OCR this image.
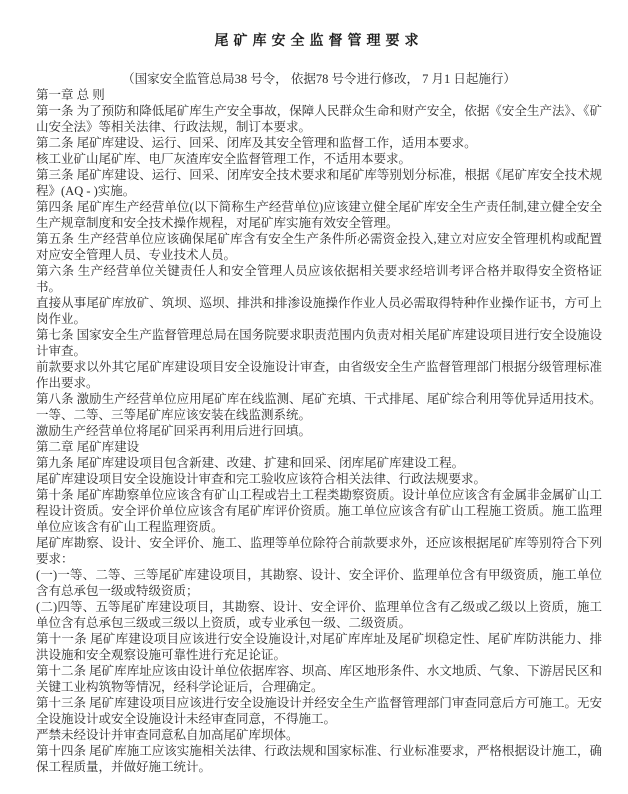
尾矿库安全监督管理要求

（国家安全监管总局38 号令， 依据78 号令进行修改， 7 月1 日起施行）

第一章 总 则

第一条 为了预防和降低尾矿库生产安全事故，保障人民群众生命和财产安全，依据《安全生产法》、《矿山安全法》等相关法律、行政法规，制订本要求。

第二条 尾矿库建设、运行、回采、闭库及其安全管理和监督工作，适用本要求。

核工业矿山尾矿库、电厂灰渣库安全监督管理工作，不适用本要求。

第三条 尾矿库建设、运行、回采、闭库安全技术要求和尾矿库等别划分标准，根据《尾矿库安全技术规程》(AQ - )实施。

第四条 尾矿库生产经营单位(以下简称生产经营单位)应该建立健全尾矿库安全生产责任制,建立健全安全生产规章制度和安全技术操作规程，对尾矿库实施有效安全管理。

第五条 生产经营单位应该确保尾矿库含有安全生产条件所必需资金投入,建立对应安全管理机构或配置对应安全管理人员、专业技术人员。

第六条 生产经营单位关键责任人和安全管理人员应该依据相关要求经培训考评合格并取得安全资格证书。

直接从事尾矿库放矿、筑坝、巡坝、排洪和排渗设施操作作业人员必需取得特种作业操作证书，方可上岗作业。

第七条 国家安全生产监督管理总局在国务院要求职责范围内负责对相关尾矿库建设项目进行安全设施设计审查。

前款要求以外其它尾矿库建设项目安全设施设计审查，由省级安全生产监督管理部门根据分级管理标准作出要求。

第八条 激励生产经营单位应用尾矿库在线监测、尾矿充填、干式排尾、尾矿综合利用等优异适用技术。

一等、二等、三等尾矿库应该安装在线监测系统。

激励生产经营单位将尾矿回采再利用后进行回填。

第二章 尾矿库建设

第九条 尾矿库建设项目包含新建、改建、扩建和回采、闭库尾矿库建设工程。

尾矿库建设项目安全设施设计审查和完工验收应该符合相关法律、行政法规要求。

第十条 尾矿库勘察单位应该含有矿山工程或岩土工程类勘察资质。设计单位应该含有金属非金属矿山工程设计资质。安全评价单位应该含有尾矿库评价资质。施工单位应该含有矿山工程施工资质。施工监理单位应该含有矿山工程监理资质。

尾矿库勘察、设计、安全评价、施工、监理等单位除符合前款要求外，还应该根据尾矿库等别符合下列要求：

(一)一等、二等、三等尾矿库建设项目，其勘察、设计、安全评价、监理单位含有甲级资质，施工单位含有总承包一级或特级资质；

(二)四等、五等尾矿库建设项目，其勘察、设计、安全评价、监理单位含有乙级或乙级以上资质，施工单位含有总承包三级或三级以上资质，或专业承包一级、二级资质。

第十一条 尾矿库建设项目应该进行安全设施设计,对尾矿库库址及尾矿坝稳定性、尾矿库防洪能力、排洪设施和安全观察设施可靠性进行充足论证。

第十二条 尾矿库库址应该由设计单位依据库容、坝高、库区地形条件、水文地质、气象、下游居民区和关键工业构筑物等情况，经科学论证后，合理确定。

第十三条 尾矿库建设项目应该进行安全设施设计并经安全生产监督管理部门审查同意后方可施工。无安全设施设计或安全设施设计未经审查同意，不得施工。

严禁未经设计并审查同意私自加高尾矿库坝体。

第十四条 尾矿库施工应该实施相关法律、行政法规和国家标准、行业标准要求，严格根据设计施工，确保工程质量，并做好施工统计。
